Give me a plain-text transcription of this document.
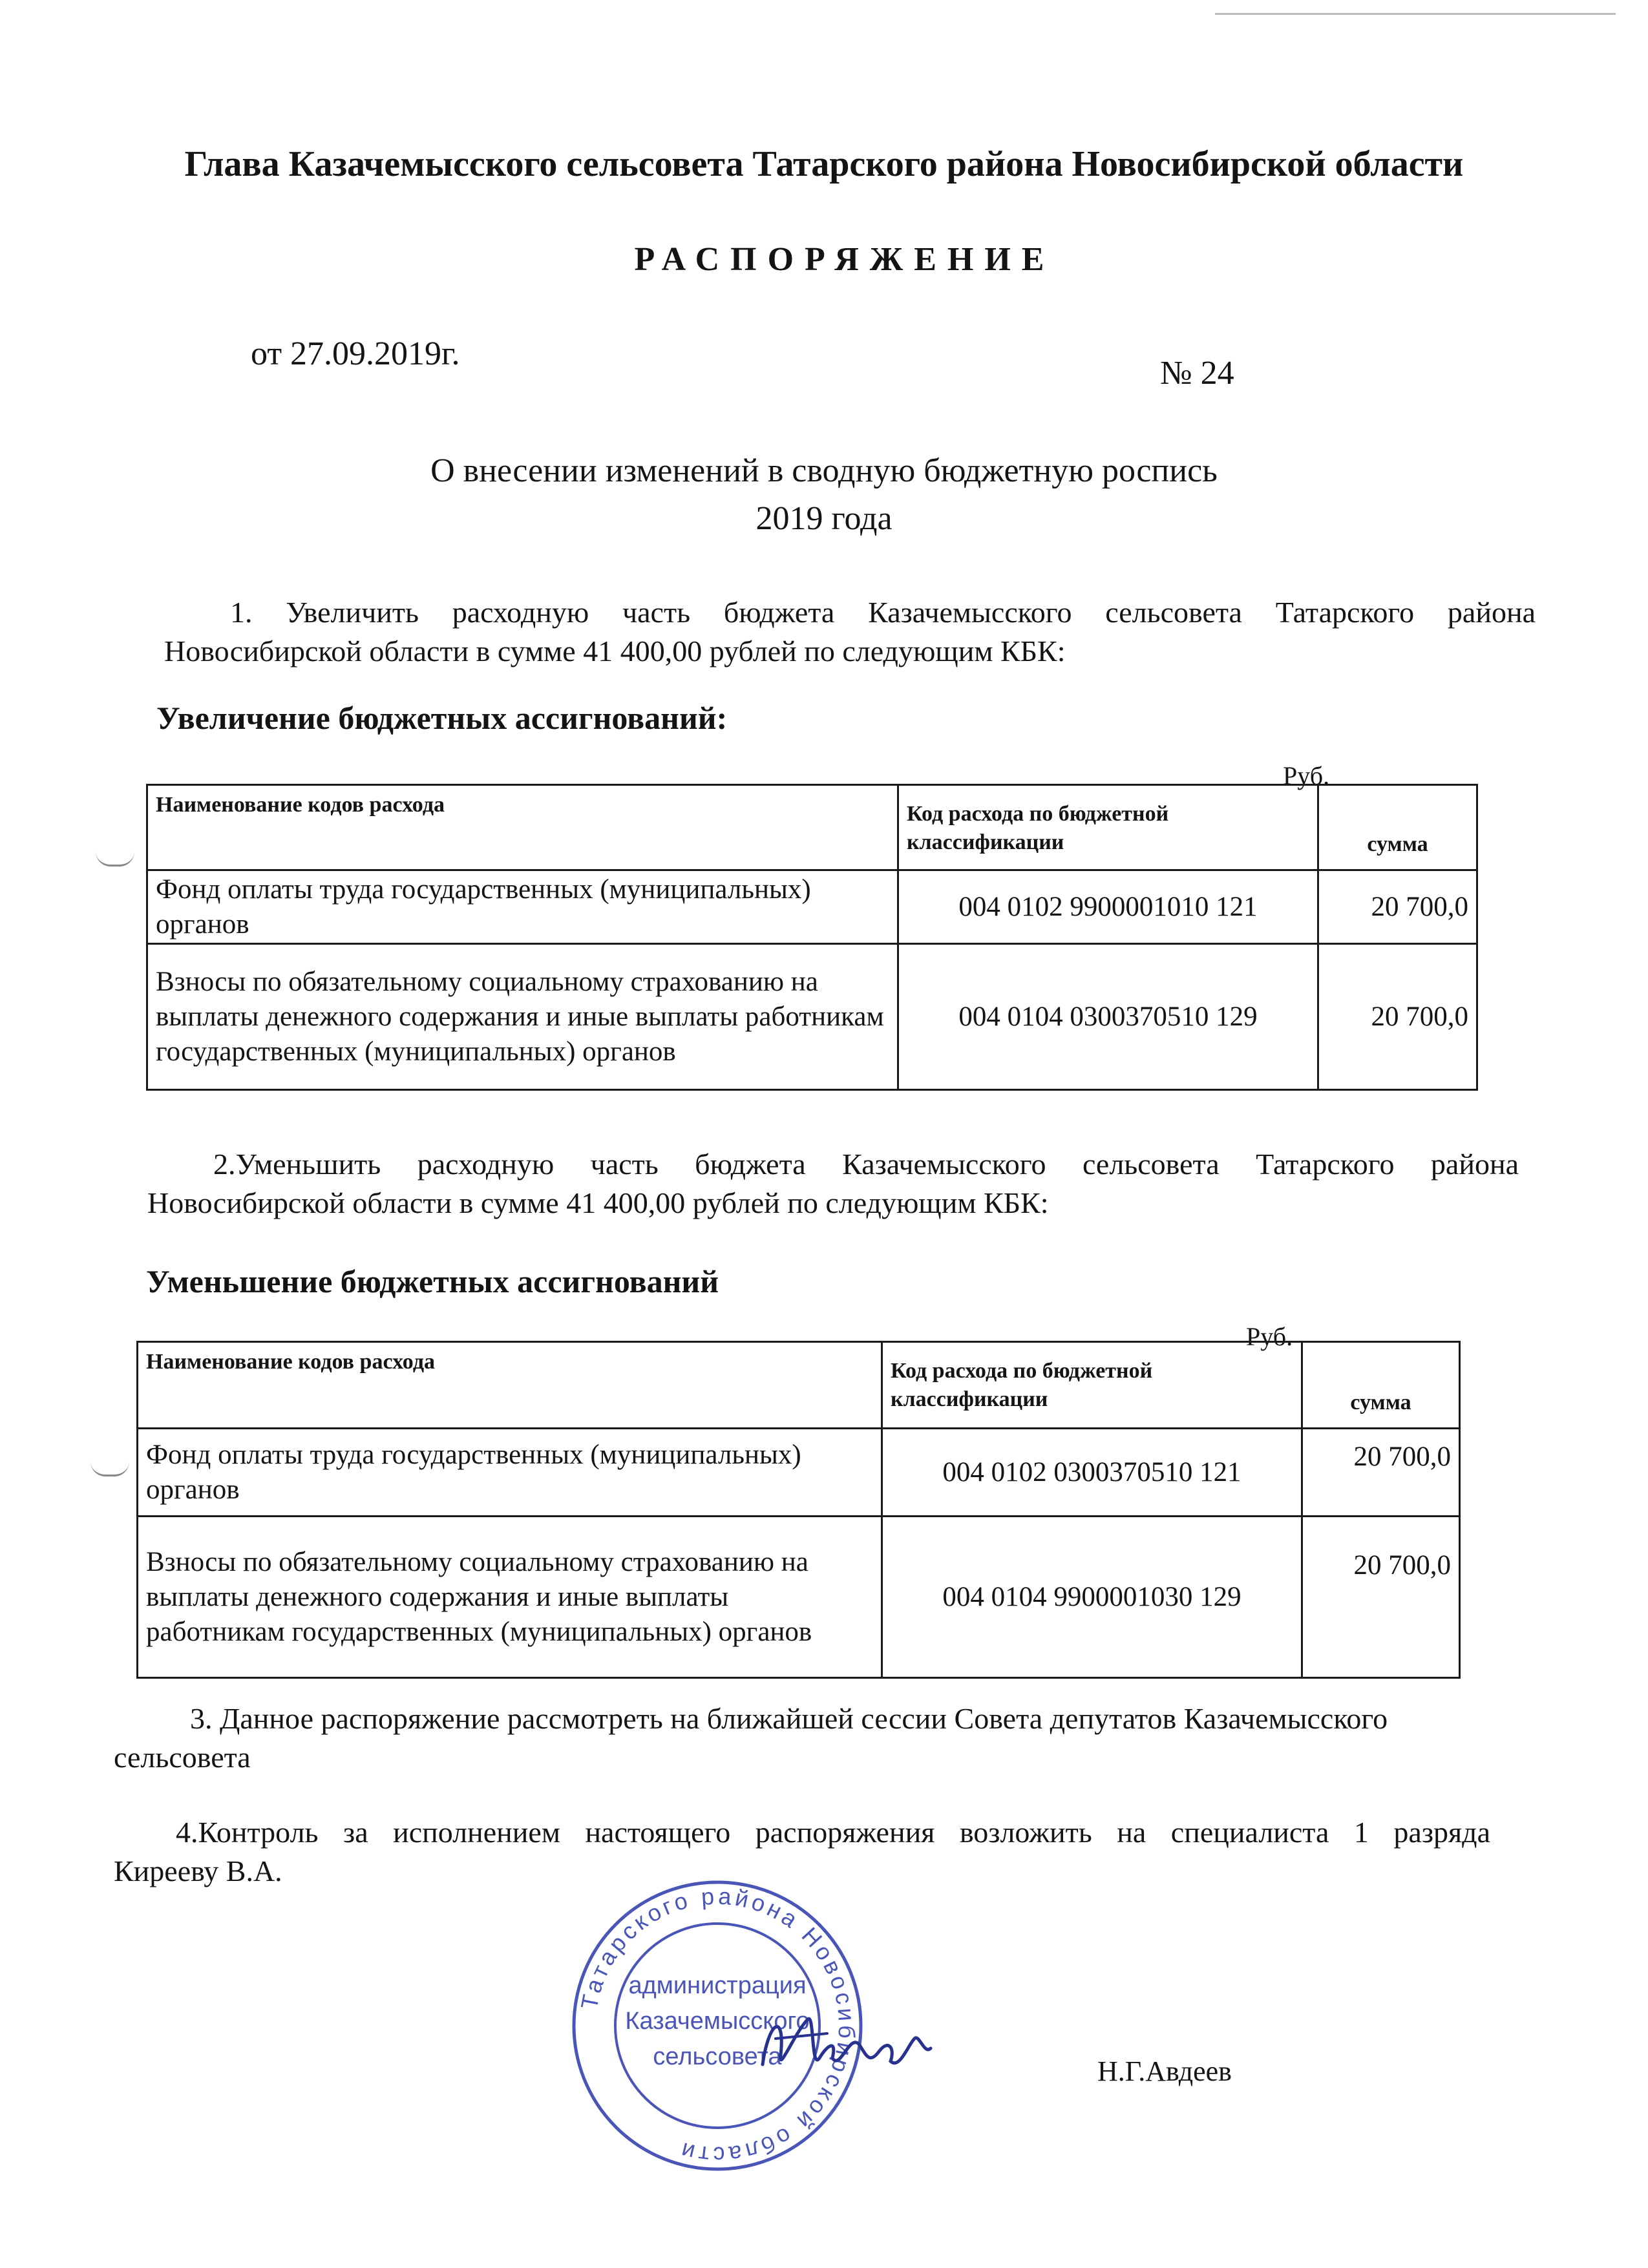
Глава Казачемысского сельсовета Татарского района Новосибирской области
РАСПОРЯЖЕНИЕ
от 27.09.2019г.
№ 24
О внесении изменений в сводную бюджетную роспись
2019 года
1. Увеличить расходную часть бюджета Казачемысского сельсовета Татарского района
Новосибирской области в сумме 41 400,00 рублей по следующим КБК:
Увеличение бюджетных ассигнований:
Руб.
Наименование кодов расхода	Код расхода по бюджетной классификации	сумма
Фонд оплаты труда государственных (муниципальных) органов	004 0102 9900001010 121	20 700,0
Взносы по обязательному социальному страхованию на выплаты денежного содержания и иные выплаты работникам государственных (муниципальных) органов	004 0104 0300370510 129	20 700,0
2.Уменьшить расходную часть бюджета Казачемысского сельсовета Татарского района
Новосибирской области в сумме 41 400,00 рублей по следующим КБК:
Уменьшение бюджетных ассигнований
Руб.
Наименование кодов расхода	Код расхода по бюджетной классификации	сумма
Фонд оплаты труда государственных (муниципальных) органов	004 0102 0300370510 121	20 700,0
Взносы по обязательному социальному страхованию на выплаты денежного содержания и иные выплаты работникам государственных (муниципальных) органов	004 0104 9900001030 129	20 700,0
3. Данное распоряжение рассмотреть на ближайшей сессии Совета депутатов Казачемысского
сельсовета
4.Контроль за исполнением настоящего распоряжения возложить на специалиста 1 разряда
Кирееву В.А.
Татарского района Новосибирской области
администрация
Казачемысского
сельсовета	Н.Г.Авдеев
